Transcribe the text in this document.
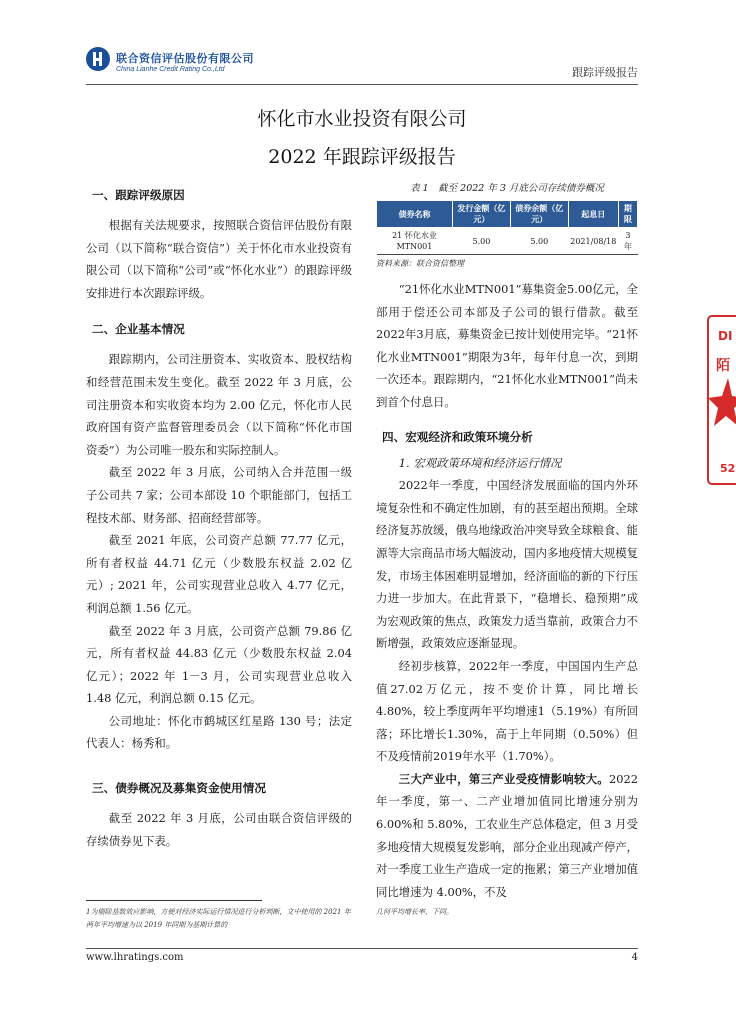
联合资信评估股份有限公司
China Lianhe Credit Rating Co.,Ltd	跟踪评级报告
怀化市水业投资有限公司
2022 年跟踪评级报告
一、跟踪评级原因

根据有关法规要求，按照联合资信评估股份有限公司（以下简称“联合资信”）关于怀化市水业投资有限公司（以下简称“公司”或“怀化水业”）的跟踪评级安排进行本次跟踪评级。

二、企业基本情况

跟踪期内，公司注册资本、实收资本、股权结构和经营范围未发生变化。截至 2022 年 3 月底，公司注册资本和实收资本均为 2.00 亿元，怀化市人民政府国有资产监督管理委员会（以下简称“怀化市国资委”）为公司唯一股东和实际控制人。

截至 2022 年 3 月底，公司纳入合并范围一级子公司共 7 家；公司本部设 10 个职能部门，包括工程技术部、财务部、招商经营部等。

截至 2021 年底，公司资产总额 77.77 亿元，所有者权益 44.71 亿元（少数股东权益 2.02 亿元）; 2021 年，公司实现营业总收入 4.77 亿元，利润总额 1.56 亿元。

截至 2022 年 3 月底，公司资产总额 79.86 亿元，所有者权益 44.83 亿元（少数股东权益 2.04 亿元）；2022 年 1－3 月，公司实现营业总收入 1.48 亿元，利润总额 0.15 亿元。

公司地址：怀化市鹤城区红星路 130 号；法定代表人：杨秀和。

三、债券概况及募集资金使用情况

截至 2022 年 3 月底，公司由联合资信评级的存续债券见下表。

表 1　截至 2022 年 3 月底公司存续债券概况
债券名称	发行金额（亿元）	债券余额（亿元）	起息日	期限
21 怀化水业 MTN001	5.00	5.00	2021/08/18	3 年
资料来源：联合资信整理

“21怀化水业MTN001”募集资金5.00亿元，全部用于偿还公司本部及子公司的银行借款。截至2022年3月底，募集资金已按计划使用完毕。“21怀化水业MTN001”期限为3年，每年付息一次，到期一次还本。跟踪期内，“21怀化水业MTN001”尚未到首个付息日。

四、宏观经济和政策环境分析

1. 宏观政策环境和经济运行情况

2022年一季度，中国经济发展面临的国内外环境复杂性和不确定性加剧，有的甚至超出预期。全球经济复苏放缓，俄乌地缘政治冲突导致全球粮食、能源等大宗商品市场大幅波动，国内多地疫情大规模复发，市场主体困难明显增加，经济面临的新的下行压力进一步加大。在此背景下，“稳增长、稳预期”成为宏观政策的焦点，政策发力适当靠前，政策合力不断增强，政策效应逐渐显现。

经初步核算，2022年一季度，中国国内生产总值27.02万亿元，按不变价计算，同比增长4.80%，较上季度两年平均增速1（5.19%）有所回落；环比增长1.30%，高于上年同期（0.50%）但不及疫情前2019年水平（1.70%）。

三大产业中，第三产业受疫情影响较大。2022 年一季度，第一、二产业增加值同比增速分别为 6.00%和 5.80%，工农业生产总体稳定，但 3 月受多地疫情大规模复发影响，部分企业出现减产停产，对一季度工业生产造成一定的拖累；第三产业增加值同比增速为 4.00%，不及

1为剔除基数效应影响，方便对经济实际运行情况进行分析判断，文中使用的 2021 年两年平均增速为以 2019 年同期为基期计算的
几何平均增长率，下同。
www.lhratings.com	4
DI
陌
52
